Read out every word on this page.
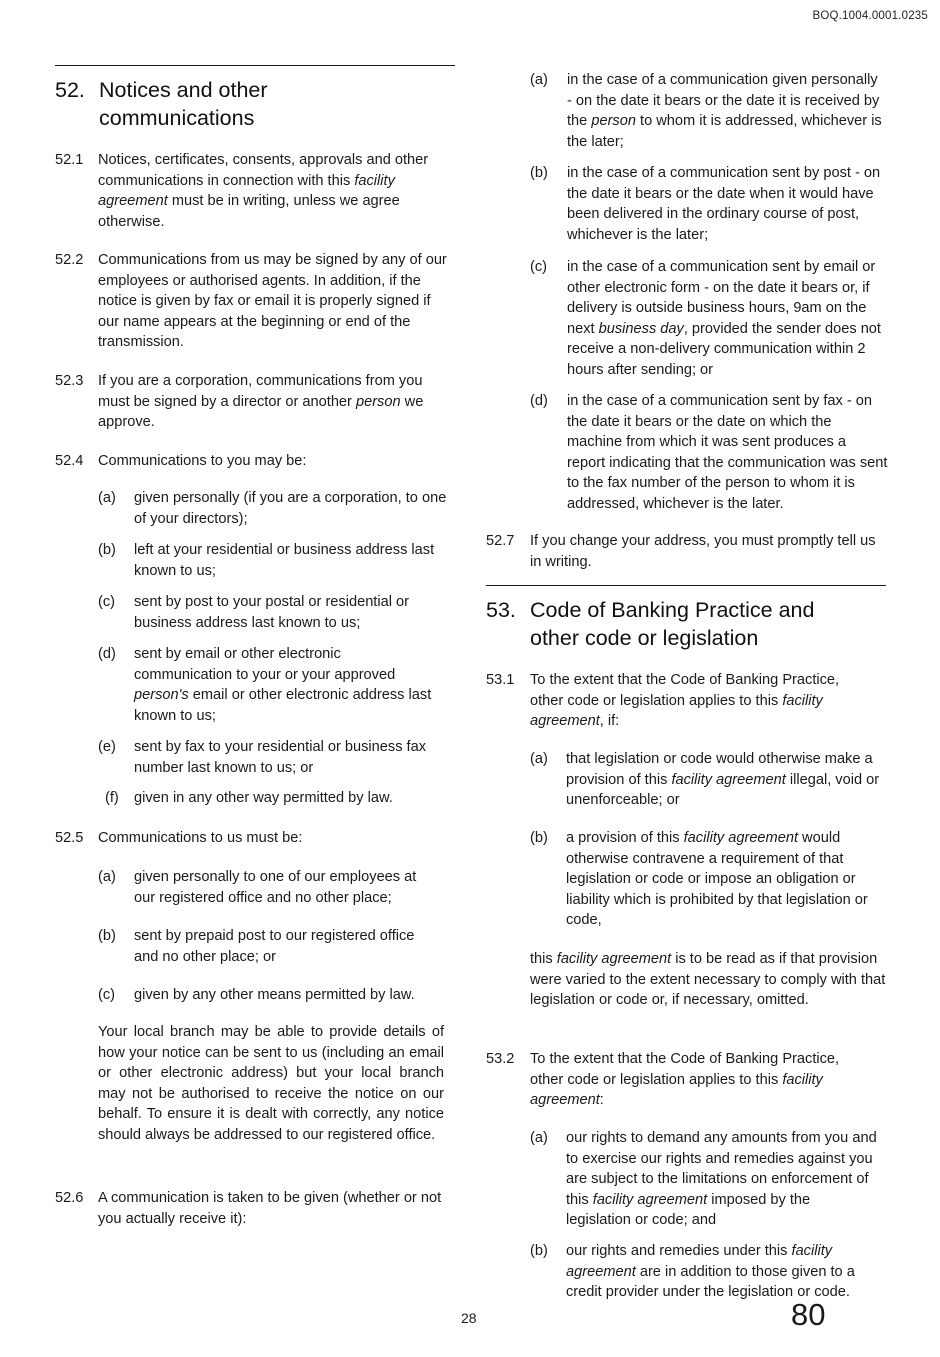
BOQ.1004.0001.0235
52. Notices and other
communications
52.1 Notices, certificates, consents, approvals and other communications in connection with this facility agreement must be in writing, unless we agree otherwise.

52.2 Communications from us may be signed by any of our employees or authorised agents. In addition, if the notice is given by fax or email it is properly signed if our name appears at the beginning or end of the transmission.

52.3 If you are a corporation, communications from you must be signed by a director or another person we approve.

52.4 Communications to you may be:

(a) given personally (if you are a corporation, to one of your directors);
(b) left at your residential or business address last known to us;
(c) sent by post to your postal or residential or business address last known to us;
(d) sent by email or other electronic communication to your or your approved person's email or other electronic address last known to us;
(e) sent by fax to your residential or business fax number last known to us; or
(f) given in any other way permitted by law.
52.5 Communications to us must be:

(a) given personally to one of our employees at our registered office and no other place;
(b) sent by prepaid post to our registered office and no other place; or
(c) given by any other means permitted by law.

Your local branch may be able to provide details of how your notice can be sent to us (including an email or other electronic address) but your local branch may not be authorised to receive the notice on our behalf. To ensure it is dealt with correctly, any notice should always be addressed to our registered office.

52.6 A communication is taken to be given (whether or not you actually receive it):

(a) in the case of a communication given personally - on the date it bears or the date it is received by the person to whom it is addressed, whichever is the later;
(b) in the case of a communication sent by post - on the date it bears or the date when it would have been delivered in the ordinary course of post, whichever is the later;
(c) in the case of a communication sent by email or other electronic form - on the date it bears or, if delivery is outside business hours, 9am on the next business day, provided the sender does not receive a non-delivery communication within 2 hours after sending; or
(d) in the case of a communication sent by fax - on the date it bears or the date on which the machine from which it was sent produces a report indicating that the communication was sent to the fax number of the person to whom it is addressed, whichever is the later.
52.7 If you change your address, you must promptly tell us in writing.

53. Code of Banking Practice and
other code or legislation
53.1 To the extent that the Code of Banking Practice, other code or legislation applies to this facility agreement, if:

(a) that legislation or code would otherwise make a provision of this facility agreement illegal, void or unenforceable; or
(b) a provision of this facility agreement would otherwise contravene a requirement of that legislation or code or impose an obligation or liability which is prohibited by that legislation or code,

this facility agreement is to be read as if that provision were varied to the extent necessary to comply with that legislation or code or, if necessary, omitted.

53.2 To the extent that the Code of Banking Practice, other code or legislation applies to this facility agreement:

(a) our rights to demand any amounts from you and to exercise our rights and remedies against you are subject to the limitations on enforcement of this facility agreement imposed by the legislation or code; and
(b) our rights and remedies under this facility agreement are in addition to those given to a credit provider under the legislation or code.
28	80
